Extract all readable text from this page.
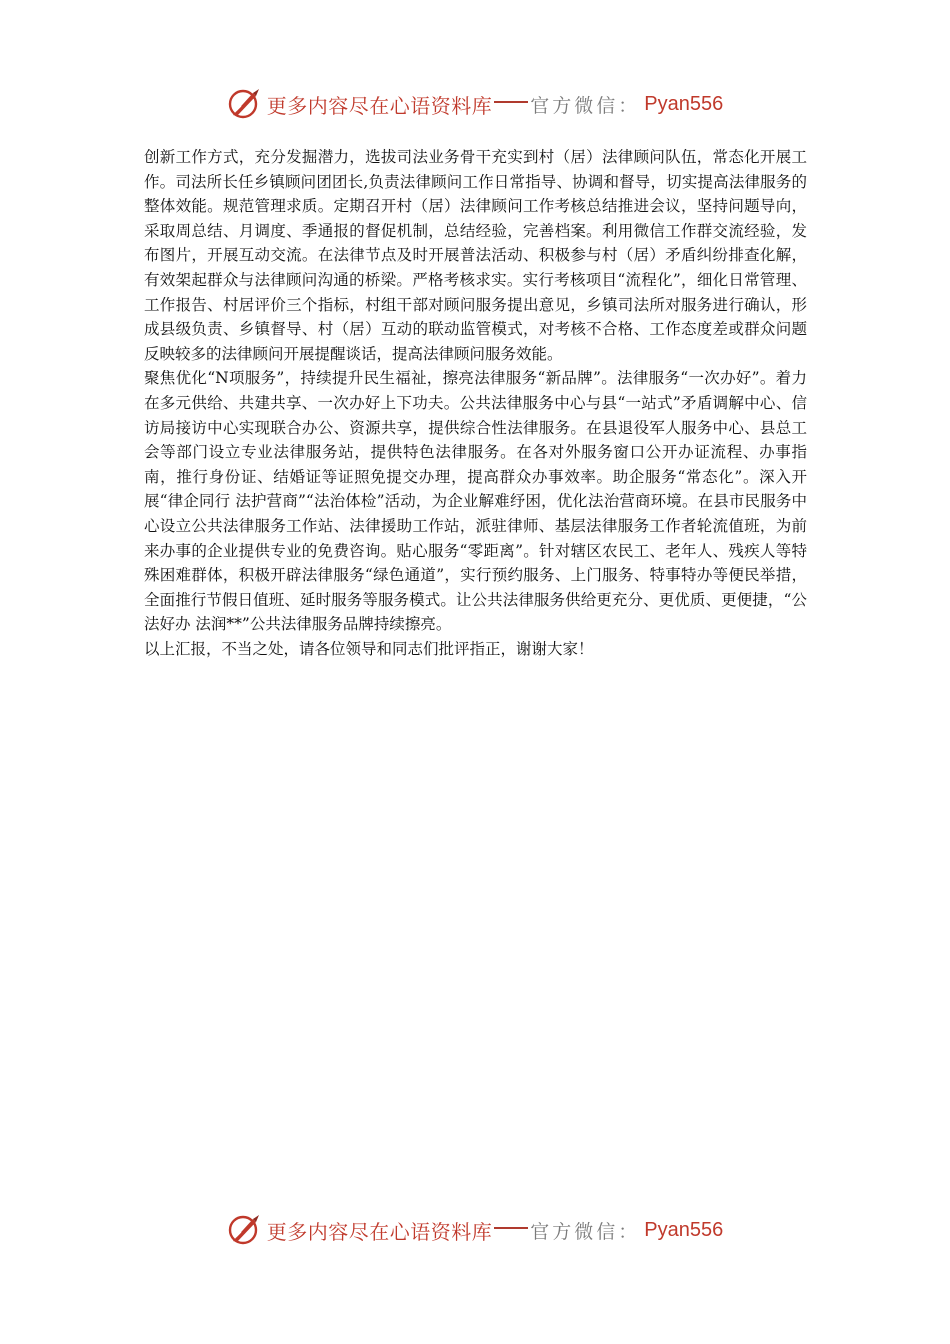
更多内容尽在心语资料库 官方微信： Pyan556

创新工作方式，充分发掘潜力，选拔司法业务骨干充实到村（居）法律顾问队伍，常态化开展工作。司法所长任乡镇顾问团团长,负责法律顾问工作日常指导、协调和督导，切实提高法律服务的整体效能。规范管理求质。定期召开村（居）法律顾问工作考核总结推进会议，坚持问题导向，采取周总结、月调度、季通报的督促机制，总结经验，完善档案。利用微信工作群交流经验，发布图片，开展互动交流。在法律节点及时开展普法活动、积极参与村（居）矛盾纠纷排查化解，有效架起群众与法律顾问沟通的桥梁。严格考核求实。实行考核项目“流程化”，细化日常管理、工作报告、村居评价三个指标，村组干部对顾问服务提出意见，乡镇司法所对服务进行确认，形成县级负责、乡镇督导、村（居）互动的联动监管模式，对考核不合格、工作态度差或群众问题反映较多的法律顾问开展提醒谈话，提高法律顾问服务效能。

聚焦优化“N项服务”，持续提升民生福祉，擦亮法律服务“新品牌”。法律服务“一次办好”。着力在多元供给、共建共享、一次办好上下功夫。公共法律服务中心与县“一站式”矛盾调解中心、信访局接访中心实现联合办公、资源共享，提供综合性法律服务。在县退役军人服务中心、县总工会等部门设立专业法律服务站，提供特色法律服务。在各对外服务窗口公开办证流程、办事指南，推行身份证、结婚证等证照免提交办理，提高群众办事效率。助企服务“常态化”。深入开展“律企同行 法护营商”“法治体检”活动，为企业解难纾困，优化法治营商环境。在县市民服务中心设立公共法律服务工作站、法律援助工作站，派驻律师、基层法律服务工作者轮流值班，为前来办事的企业提供专业的免费咨询。贴心服务“零距离”。针对辖区农民工、老年人、残疾人等特殊困难群体，积极开辟法律服务“绿色通道”，实行预约服务、上门服务、特事特办等便民举措，全面推行节假日值班、延时服务等服务模式。让公共法律服务供给更充分、更优质、更便捷，“公法好办 法润**”公共法律服务品牌持续擦亮。

以上汇报，不当之处，请各位领导和同志们批评指正，谢谢大家！

更多内容尽在心语资料库 官方微信： Pyan556
